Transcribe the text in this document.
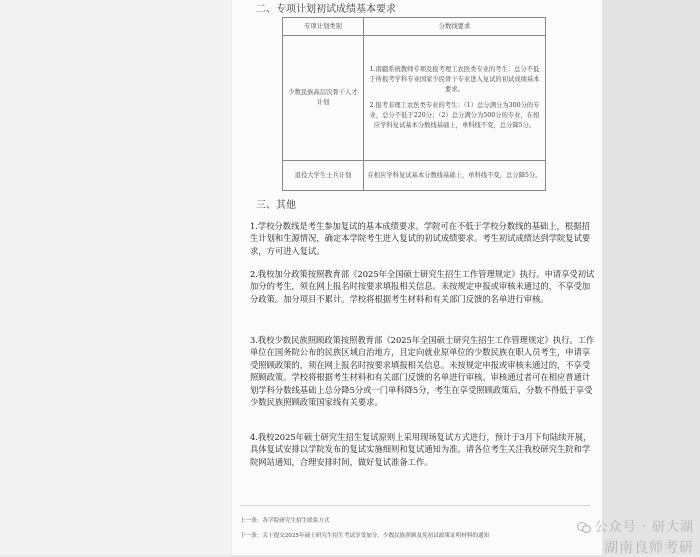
二、专项计划初试成绩基本要求
专项计划类别	分数线要求
少数民族高层次骨干人才计划	1.南疆系统教师专项及报考理工农医类专业的考生：总分不低于所报考学科专业国家少民骨干专业进入复试的初试成绩基本要求。

2.报考非理工农医类专业的考生：（1）总分满分为300分的专业，总分不低于220分；（2）总分满分为500分的专业，在相应学科复试基本分数线基础上，单科线不变，总分降5分。

退役大学生士兵计划	在相应学科复试基本分数线基础上，单科线不变，总分降5分。

三、其他

1.学校分数线是考生参加复试的基本成绩要求。学院可在不低于学校分数线的基础上，根据招生计划和生源情况，确定本学院考生进入复试的初试成绩要求。考生初试成绩达到学院复试要求，方可进入复试。

2.我校加分政策按照教育部《2025年全国硕士研究生招生工作管理规定》执行。申请享受初试加分的考生，须在网上报名时按要求填报相关信息。未按规定申报或审核未通过的，不享受加分政策。加分项目不累计。学校将根据考生材料和有关部门反馈的名单进行审核。

3.我校少数民族照顾政策按照教育部《2025年全国硕士研究生招生工作管理规定》执行。工作单位在国务院公布的民族区域自治地方，且定向就业原单位的少数民族在职人员考生，申请享受照顾政策的，须在网上报名时按要求填报相关信息。未按规定申报或审核未通过的，不享受照顾政策。学校将根据考生材料和有关部门反馈的名单进行审核。审核通过者可在相应普通计划学科分数线基础上总分降5分或一门单科降5分，考生在享受照顾政策后，分数不得低于享受少数民族照顾政策国家线有关要求。

4.我校2025年硕士研究生招生复试原则上采用现场复试方式进行，预计于3月下旬陆续开展，具体复试安排以学院发布的复试实施细则和复试通知为准。请各位考生关注我校研究生院和学院网站通知，合理安排时间，做好复试准备工作。

上一条：各学院研究生招生联系方式
下一条：关于提交2025年硕士研究生招生考试享受加分、少数民族照顾及免初试政策证明材料的通知
公众号 · 研大湖
湖南良师考研
